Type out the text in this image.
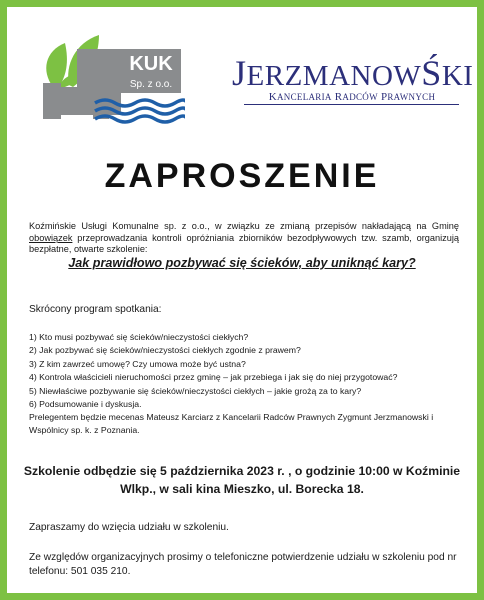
KUK
Sp. z o.o. JERZMANOWŚKI
KANCELARIA RADCÓW PRAWNYCH
ZAPROSZENIE
Koźmińskie Usługi Komunalne sp. z o.o., w związku ze zmianą przepisów nakładającą na Gminę obowiązek przeprowadzania kontroli opróżniania zbiorników bezodpływowych tzw. szamb, organizują bezpłatne, otwarte szkolenie:
Jak prawidłowo pozbywać się ścieków, aby uniknąć kary?
Skrócony program spotkania:
1) Kto musi pozbywać się ścieków/nieczystości ciekłych?
2) Jak pozbywać się ścieków/nieczystości ciekłych zgodnie z prawem?
3) Z kim zawrzeć umowę? Czy umowa może być ustna?
4) Kontrola właścicieli nieruchomości przez gminę – jak przebiega i jak się do niej przygotować?
5) Niewłaściwe pozbywanie się ścieków/nieczystości ciekłych – jakie grożą za to kary?
6) Podsumowanie i dyskusja.
Prelegentem będzie mecenas Mateusz Karciarz z Kancelarii Radców Prawnych Zygmunt Jerzmanowski i Wspólnicy sp. k. z Poznania.
Szkolenie odbędzie się 5 października 2023 r. , o godzinie 10:00 w Koźminie Wlkp., w sali kina Mieszko, ul. Borecka 18.
Zapraszamy do wzięcia udziału w szkoleniu.
Ze względów organizacyjnych prosimy o telefoniczne potwierdzenie udziału w szkoleniu pod nr telefonu: 501 035 210.
